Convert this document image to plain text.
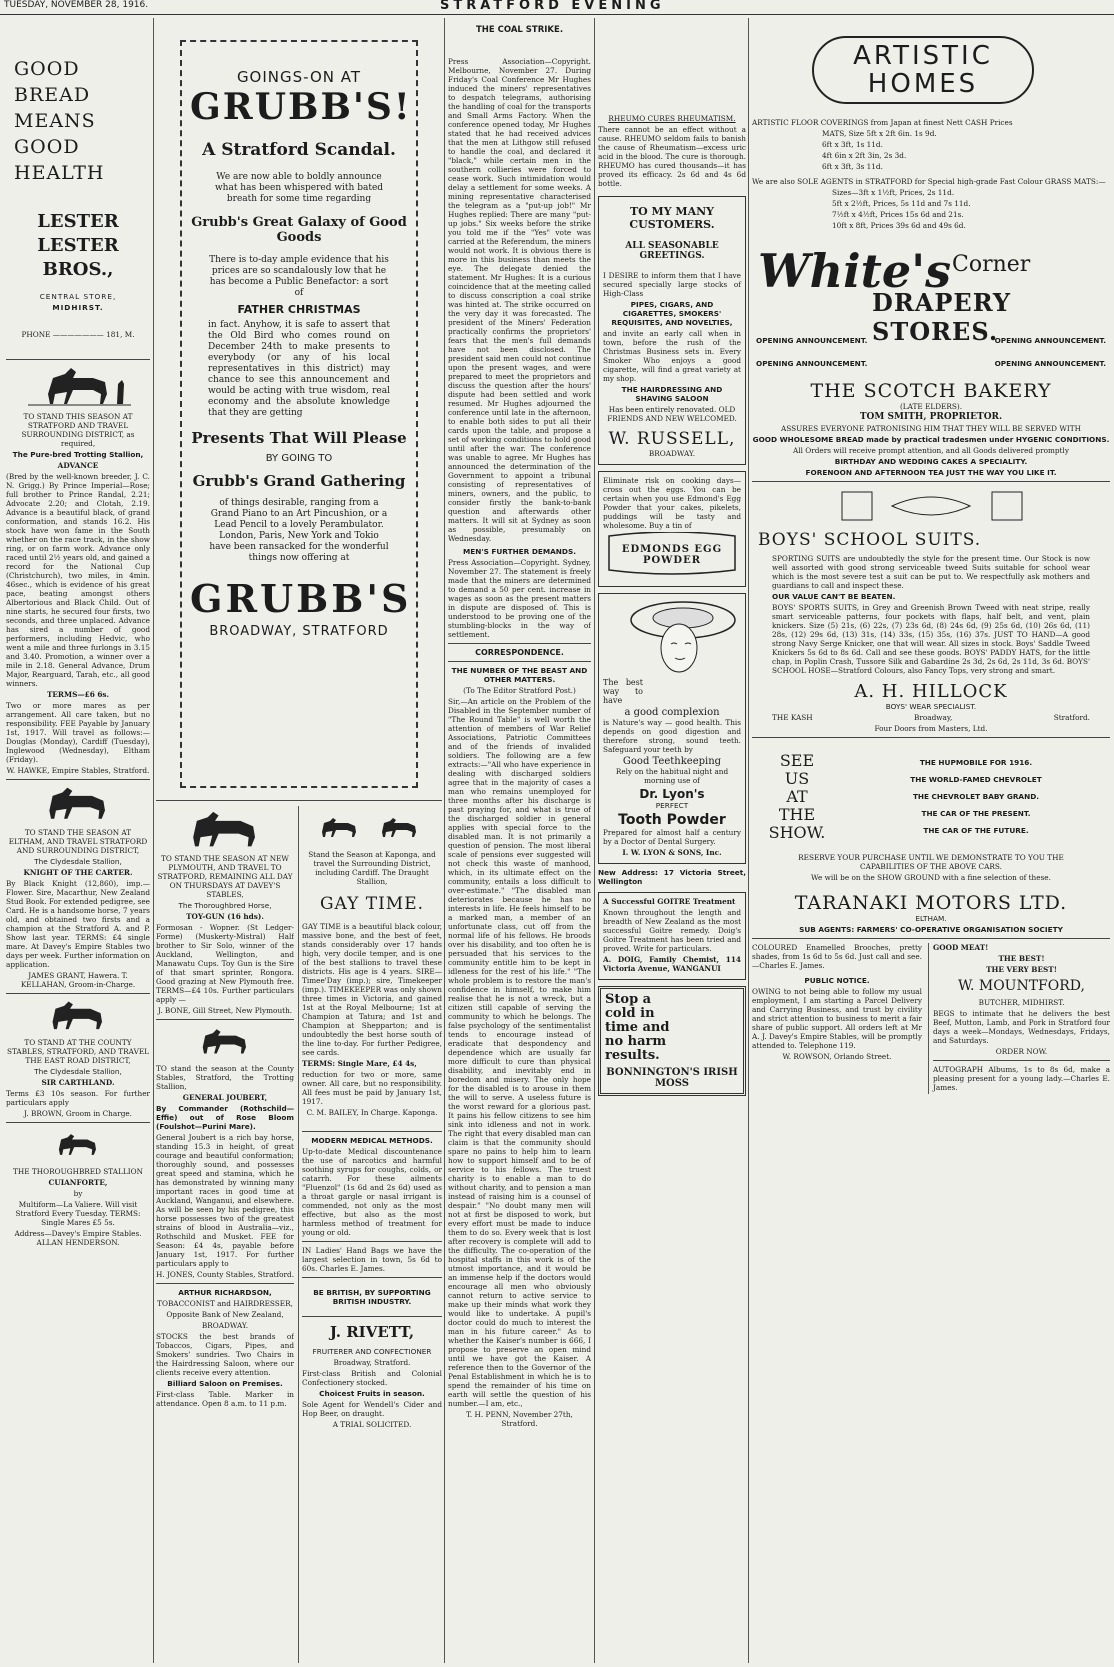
TUESDAY, NOVEMBER 28, 1916.	STRATFORD EVENING
GOOD
BREAD
MEANS
GOOD
HEALTH
LESTER
LESTER BROS.,
CENTRAL STORE,
MIDHIRST.
PHONE ——————— 181, M.
TO STAND THIS SEASON AT STRATFORD AND TRAVEL SURROUNDING DISTRICT, as required,
The Pure-bred Trotting Stallion,
ADVANCE
(Bred by the well-known breeder, J. C. N. Grigg.) By Prince Imperial—Rose; full brother to Prince Randal, 2.21; Advocate 2.20; and Clotah, 2.19. Advance is a beautiful black, of grand conformation, and stands 16.2. His stock have won fame in the South whether on the race track, in the show ring, or on farm work. Advance only raced until 2½ years old, and gained a record for the National Cup (Christchurch), two miles, in 4min. 46sec., which is evidence of his great pace, beating amongst others Albertorious and Black Child. Out of nine starts, he secured four firsts, two seconds, and three unplaced. Advance has sired a number of good performers, including Hedvic, who went a mile and three furlongs in 3.15 and 3.40. Promotion, a winner over a mile in 2.18. General Advance, Drum Major, Rearguard, Tarah, etc., all good winners.
TERMS—£6 6s.
Two or more mares as per arrangement. All care taken, but no responsibility. FEE Payable by January 1st, 1917. Will travel as follows:—Douglas (Monday), Cardiff (Tuesday), Inglewood (Wednesday), Eltham (Friday).
W. HAWKE, Empire Stables, Stratford.
TO STAND THE SEASON AT ELTHAM, AND TRAVEL STRATFORD AND SURROUNDING DISTRICT,
The Clydesdale Stallion,
KNIGHT OF THE CARTER.
By Black Knight (12,860), imp.—Flower. Sire, Macarthur, New Zealand Stud Book. For extended pedigree, see Card. He is a handsome horse, 7 years old, and obtained two firsts and a champion at the Stratford A. and P. Show last year. TERMS: £4 single mare. At Davey's Empire Stables two days per week. Further information on application.
JAMES GRANT, Hawera. T. KELLAHAN, Groom-in-Charge.
TO STAND AT THE COUNTY STABLES, STRATFORD, AND TRAVEL THE EAST ROAD DISTRICT,
The Clydesdale Stallion,
SIR CARTHLAND.
Terms £3 10s season. For further particulars apply
J. BROWN, Groom in Charge.
THE THOROUGHBRED STALLION
CUIANFORTE,
by
Multiform—La Valiere. Will visit Stratford Every Tuesday. TERMS: Single Mares £5 5s.
Address—Davey's Empire Stables. ALLAN HENDERSON.
GOINGS-ON AT
GRUBB'S!
A Stratford Scandal.
We are now able to boldly announce what has been whispered with bated breath for some time regarding
Grubb's Great Galaxy of Good Goods
There is to-day ample evidence that his prices are so scandalously low that he has become a Public Benefactor: a sort of
FATHER CHRISTMAS
in fact. Anyhow, it is safe to assert that the Old Bird who comes round on December 24th to make presents to everybody (or any of his local representatives in this district) may chance to see this announcement and would be acting with true wisdom, real economy and the absolute knowledge that they are getting
Presents That Will Please
BY GOING TO
Grubb's Grand Gathering
of things desirable, ranging from a Grand Piano to an Art Pincushion, or a Lead Pencil to a lovely Perambulator. London, Paris, New York and Tokio have been ransacked for the wonderful things now offering at
GRUBB'S
BROADWAY, STRATFORD
TO STAND THE SEASON AT NEW PLYMOUTH, AND TRAVEL TO STRATFORD, REMAINING ALL DAY ON THURSDAYS AT DAVEY'S STABLES,
The Thoroughbred Horse,
TOY-GUN (16 hds).
Formosan - Wopner. (St Ledger-Forme) (Muskerty-Mistral) Half brother to Sir Solo, winner of the Auckland, Wellington, and Manawatu Cups. Toy Gun is the Sire of that smart sprinter, Rongora. Good grazing at New Plymouth free. TERMS—£4 10s. Further particulars apply —
J. BONE, Gill Street, New Plymouth.
TO stand the season at the County Stables, Stratford, the Trotting Stallion,
GENERAL JOUBERT,
By Commander (Rothschild—Effie) out of Rose Bloom (Foulshot—Purini Mare).
General Joubert is a rich bay horse, standing 15.3 in height, of great courage and beautiful conformation; thoroughly sound, and possesses great speed and stamina, which he has demonstrated by winning many important races in good time at Auckland, Wanganui, and elsewhere. As will be seen by his pedigree, this horse possesses two of the greatest strains of blood in Australia—viz., Rothschild and Musket. FEE for Season: £4 4s, payable before January 1st, 1917. For further particulars apply to
H. JONES, County Stables, Stratford.
ARTHUR RICHARDSON,
TOBACCONIST and HAIRDRESSER,
Opposite Bank of New Zealand,
BROADWAY.
STOCKS the best brands of Tobaccos, Cigars, Pipes, and Smokers' sundries. Two Chairs in the Hairdressing Saloon, where our clients receive every attention.
Billiard Saloon on Premises.
First-class Table. Marker in attendance. Open 8 a.m. to 11 p.m.
Stand the Season at Kaponga, and travel the Surrounding District, including Cardiff. The Draught Stallion,
GAY TIME.
GAY TIME is a beautiful black colour, massive bone, and the best of feet, stands considerably over 17 hands high, very docile temper, and is one of the best stallions to travel these districts. His age is 4 years. SIRE—Timee'Day (imp.); sire, Timekeeper (imp.). TIMEKEEPER was only shown three times in Victoria, and gained 1st at the Royal Melbourne; 1st at Champion at Tatura; and 1st and Champion at Shepparton; and is undoubtedly the best horse south of the line to-day. For further Pedigree, see cards.
TERMS: Single Mare, £4 4s,
reduction for two or more, same owner. All care, but no responsibility. All fees must be paid by January 1st, 1917.
C. M. BAILEY, In Charge. Kaponga.
MODERN MEDICAL METHODS.
Up-to-date Medical discountenance the use of narcotics and harmful soothing syrups for coughs, colds, or catarrh. For these ailments "Fluenzol" (1s 6d and 2s 6d) used as a throat gargle or nasal irrigant is commended, not only as the most effective, but also as the most harmless method of treatment for young or old.
IN Ladies' Hand Bags we have the largest selection in town, 5s 6d to 60s. Charles E. James.
BE BRITISH, BY SUPPORTING BRITISH INDUSTRY.
J. RIVETT,
FRUITERER AND CONFECTIONER
Broadway, Stratford.
First-class British and Colonial Confectionery stocked.
Choicest Fruits in season.
Sole Agent for Wendell's Cider and Hop Beer, on draught.
A TRIAL SOLICITED.
THE COAL STRIKE.
Press Association—Copyright. Melbourne, November 27. During Friday's Coal Conference Mr Hughes induced the miners' representatives to despatch telegrams, authorising the handling of coal for the transports and Small Arms Factory. When the conference opened today, Mr Hughes stated that he had received advices that the men at Lithgow still refused to handle the coal, and declared it "black," while certain men in the southern collieries were forced to cease work. Such intimidation would delay a settlement for some weeks. A mining representative characterised the telegram as a "put-up job!" Mr Hughes replied: There are many "put-up jobs." Six weeks before the strike you told me if the "Yes" vote was carried at the Referendum, the miners would not work. It is obvious there is more in this business than meets the eye. The delegate denied the statement. Mr Hughes: It is a curious coincidence that at the meeting called to discuss conscription a coal strike was hinted at. The strike occurred on the very day it was forecasted. The president of the Miners' Federation practically confirms the proprietors' fears that the men's full demands have not been disclosed. The president said men could not continue upon the present wages, and were prepared to meet the proprietors and discuss the question after the hours' dispute had been settled and work resumed. Mr Hughes adjourned the conference until late in the afternoon, to enable both sides to put all their cards upon the table, and propose a set of working conditions to hold good until after the war. The conference was unable to agree. Mr Hughes has announced the determination of the Government to appoint a tribunal consisting of representatives of miners, owners, and the public, to consider firstly the bank-to-bank question and afterwards other matters. It will sit at Sydney as soon as possible, presumably on Wednesday.
MEN'S FURTHER DEMANDS.
Press Association—Copyright. Sydney, November 27. The statement is freely made that the miners are determined to demand a 50 per cent. increase in wages as soon as the present matters in dispute are disposed of. This is understood to be proving one of the stumbling-blocks in the way of settlement.
CORRESPONDENCE.
THE NUMBER OF THE BEAST AND OTHER MATTERS.
(To The Editor Stratford Post.)
Sir,—An article on the Problem of the Disabled in the September number of "The Round Table" is well worth the attention of members of War Relief Associations, Patriotic Committees and of the friends of invalided soldiers. The following are a few extracts:—"All who have experience in dealing with discharged soldiers agree that in the majority of cases a man who remains unemployed for three months after his discharge is past praying for, and what is true of the discharged soldier in general applies with special force to the disabled man. It is not primarily a question of pension. The most liberal scale of pensions ever suggested will not check this waste of manhood, which, in its ultimate effect on the community, entails a loss difficult to over-estimate." "The disabled man deteriorates because he has no interests in life. He feels himself to be a marked man, a member of an unfortunate class, cut off from the normal life of his fellows. He broods over his disability, and too often he is persuaded that his services to the community entitle him to be kept in idleness for the rest of his life." "The whole problem is to restore the man's confidence in himself, to make him realise that he is not a wreck, but a citizen still capable of serving the community to which he belongs. The false psychology of the sentimentalist tends to encourage instead of eradicate that despondency and dependence which are usually far more difficult to cure than physical disability, and inevitably end in boredom and misery. The only hope for the disabled is to arouse in them the will to serve. A useless future is the worst reward for a glorious past. It pains his fellow citizens to see him sink into idleness and not in work. The right that every disabled man can claim is that the community should spare no pains to help him to learn how to support himself and to be of service to his fellows. The truest charity is to enable a man to do without charity, and to pension a man instead of raising him is a counsel of despair." "No doubt many men will not at first be disposed to work, but every effort must be made to induce them to do so. Every week that is lost after recovery is complete will add to the difficulty. The co-operation of the hospital staffs in this work is of the utmost importance, and it would be an immense help if the doctors would encourage all men who obviously cannot return to active service to make up their minds what work they would like to undertake. A pupil's doctor could do much to interest the man in his future career." As to whether the Kaiser's number is 666, I propose to preserve an open mind until we have got the Kaiser. A reference then to the Governor of the Penal Establishment in which he is to spend the remainder of his time on earth will settle the question of his number.—I am, etc.,
T. H. PENN, November 27th, Stratford.
RHEUMO CURES RHEUMATISM.
There cannot be an effect without a cause. RHEUMO seldom fails to banish the cause of Rheumatism—excess uric acid in the blood. The cure is thorough. RHEUMO has cured thousands—it has proved its efficacy. 2s 6d and 4s 6d bottle.
TO MY MANY CUSTOMERS.
ALL SEASONABLE GREETINGS.
I DESIRE to inform them that I have secured specially large stocks of High-Class
PIPES, CIGARS, AND CIGARETTES, SMOKERS' REQUISITES, AND NOVELTIES,
and invite an early call when in town, before the rush of the Christmas Business sets in. Every Smoker Who enjoys a good cigarette, will find a great variety at my shop.
THE HAIRDRESSING AND SHAVING SALOON
Has been entirely renovated. OLD FRIENDS AND NEW WELCOMED.
W. RUSSELL,
BROADWAY.
Eliminate risk on cooking days—cross out the eggs. You can be certain when you use Edmond's Egg Powder that your cakes, pikelets, puddings will be tasty and wholesome. Buy a tin of
EDMONDS EGG POWDER
The best way to have
a good complexion
is Nature's way — good health. This depends on good digestion and therefore strong, sound teeth. Safeguard your teeth by
Good Teethkeeping
Rely on the habitual night and morning use of
Dr. Lyon's
PERFECT
Tooth Powder
Prepared for almost half a century by a Doctor of Dental Surgery.
I. W. LYON & SONS, Inc.
New Address: 17 Victoria Street, Wellington
A Successful GOITRE Treatment
Known throughout the length and breadth of New Zealand as the most successful Goitre remedy. Doig's Goitre Treatment has been tried and proved. Write for particulars.
A. DOIG, Family Chemist, 114 Victoria Avenue, WANGANUI
Stop a cold in time and no harm results.
BONNINGTON'S IRISH MOSS
ARTISTIC
HOMES
ARTISTIC FLOOR COVERINGS from Japan at finest Nett CASH Prices
MATS, Size 5ft x 2ft 6in. 1s 9d.
6ft x 3ft, 1s 11d.
4ft 6in x 2ft 3in, 2s 3d.
6ft x 3ft, 3s 11d.
We are also SOLE AGENTS in STRATFORD for Special high-grade Fast Colour GRASS MATS:—
Sizes—3ft x 1½ft, Prices, 2s 11d.
5ft x 2½ft, Prices, 5s 11d and 7s 11d.
7½ft x 4½ft, Prices 15s 6d and 21s.
10ft x 8ft, Prices 39s 6d and 49s 6d.
White's Corner
DRAPERY STORES.
OPENING ANNOUNCEMENT.	OPENING ANNOUNCEMENT.
OPENING ANNOUNCEMENT.	OPENING ANNOUNCEMENT.
THE SCOTCH BAKERY
(LATE ELDERS).
TOM SMITH, PROPRIETOR.
ASSURES EVERYONE PATRONISING HIM THAT THEY WILL BE SERVED WITH
GOOD WHOLESOME BREAD made by practical tradesmen under HYGENIC CONDITIONS.
All Orders will receive prompt attention, and all Goods delivered promptly
BIRTHDAY AND WEDDING CAKES A SPECIALITY.
FORENOON AND AFTERNOON TEA JUST THE WAY YOU LIKE IT.
BOYS' SCHOOL SUITS.
SPORTING SUITS are undoubtedly the style for the present time. Our Stock is now well assorted with good strong serviceable tweed Suits suitable for school wear which is the most severe test a suit can be put to. We respectfully ask mothers and guardians to call and inspect these.
OUR VALUE CAN'T BE BEATEN.
BOYS' SPORTS SUITS, in Grey and Greenish Brown Tweed with neat stripe, really smart serviceable patterns, four pockets with flaps, half belt, and vent, plain knickers. Size (5) 21s, (6) 22s, (7) 23s 6d, (8) 24s 6d, (9) 25s 6d, (10) 26s 6d, (11) 28s, (12) 29s 6d, (13) 31s, (14) 33s, (15) 35s, (16) 37s. JUST TO HAND—A good strong Navy Serge Knicker, one that will wear. All sizes in stock. Boys' Saddle Tweed Knickers 5s 6d to 8s 6d. Call and see these goods. BOYS' PADDY HATS, for the little chap, in Poplin Crash, Tussore Silk and Gabardine 2s 3d, 2s 6d, 2s 11d, 3s 6d. BOYS' SCHOOL HOSE—Stratford Colours, also Fancy Tops, very strong and smart.
A. H. HILLOCK
BOYS' WEAR SPECIALIST.
THE KASH	Broadway,	Stratford.
Four Doors from Masters, Ltd.
SEE
US
AT
THE
SHOW.
THE HUPMOBILE FOR 1916.
THE WORLD-FAMED CHEVROLET
THE CHEVROLET BABY GRAND.
THE CAR OF THE PRESENT.
THE CAR OF THE FUTURE.
RESERVE YOUR PURCHASE UNTIL WE DEMONSTRATE TO YOU THE CAPABILITIES OF THE ABOVE CARS.
We will be on the SHOW GROUND with a fine selection of these.
TARANAKI MOTORS LTD.
ELTHAM.
SUB AGENTS: FARMERS' CO-OPERATIVE ORGANISATION SOCIETY
COLOURED Enamelled Brooches, pretty shades, from 1s 6d to 5s 6d. Just call and see.—Charles E. James.
PUBLIC NOTICE.
OWING to not being able to follow my usual employment, I am starting a Parcel Delivery and Carrying Business, and trust by civility and strict attention to business to merit a fair share of public support. All orders left at Mr A. J. Davey's Empire Stables, will be promptly attended to. Telephone 119.
W. ROWSON, Orlando Street.
GOOD MEAT!
THE BEST!
THE VERY BEST!
W. MOUNTFORD,
BUTCHER, MIDHIRST.
BEGS to intimate that he delivers the best Beef, Mutton, Lamb, and Pork in Stratford four days a week—Mondays, Wednesdays, Fridays, and Saturdays.
ORDER NOW.
AUTOGRAPH Albums, 1s to 8s 6d, make a pleasing present for a young lady.—Charles E. James.
